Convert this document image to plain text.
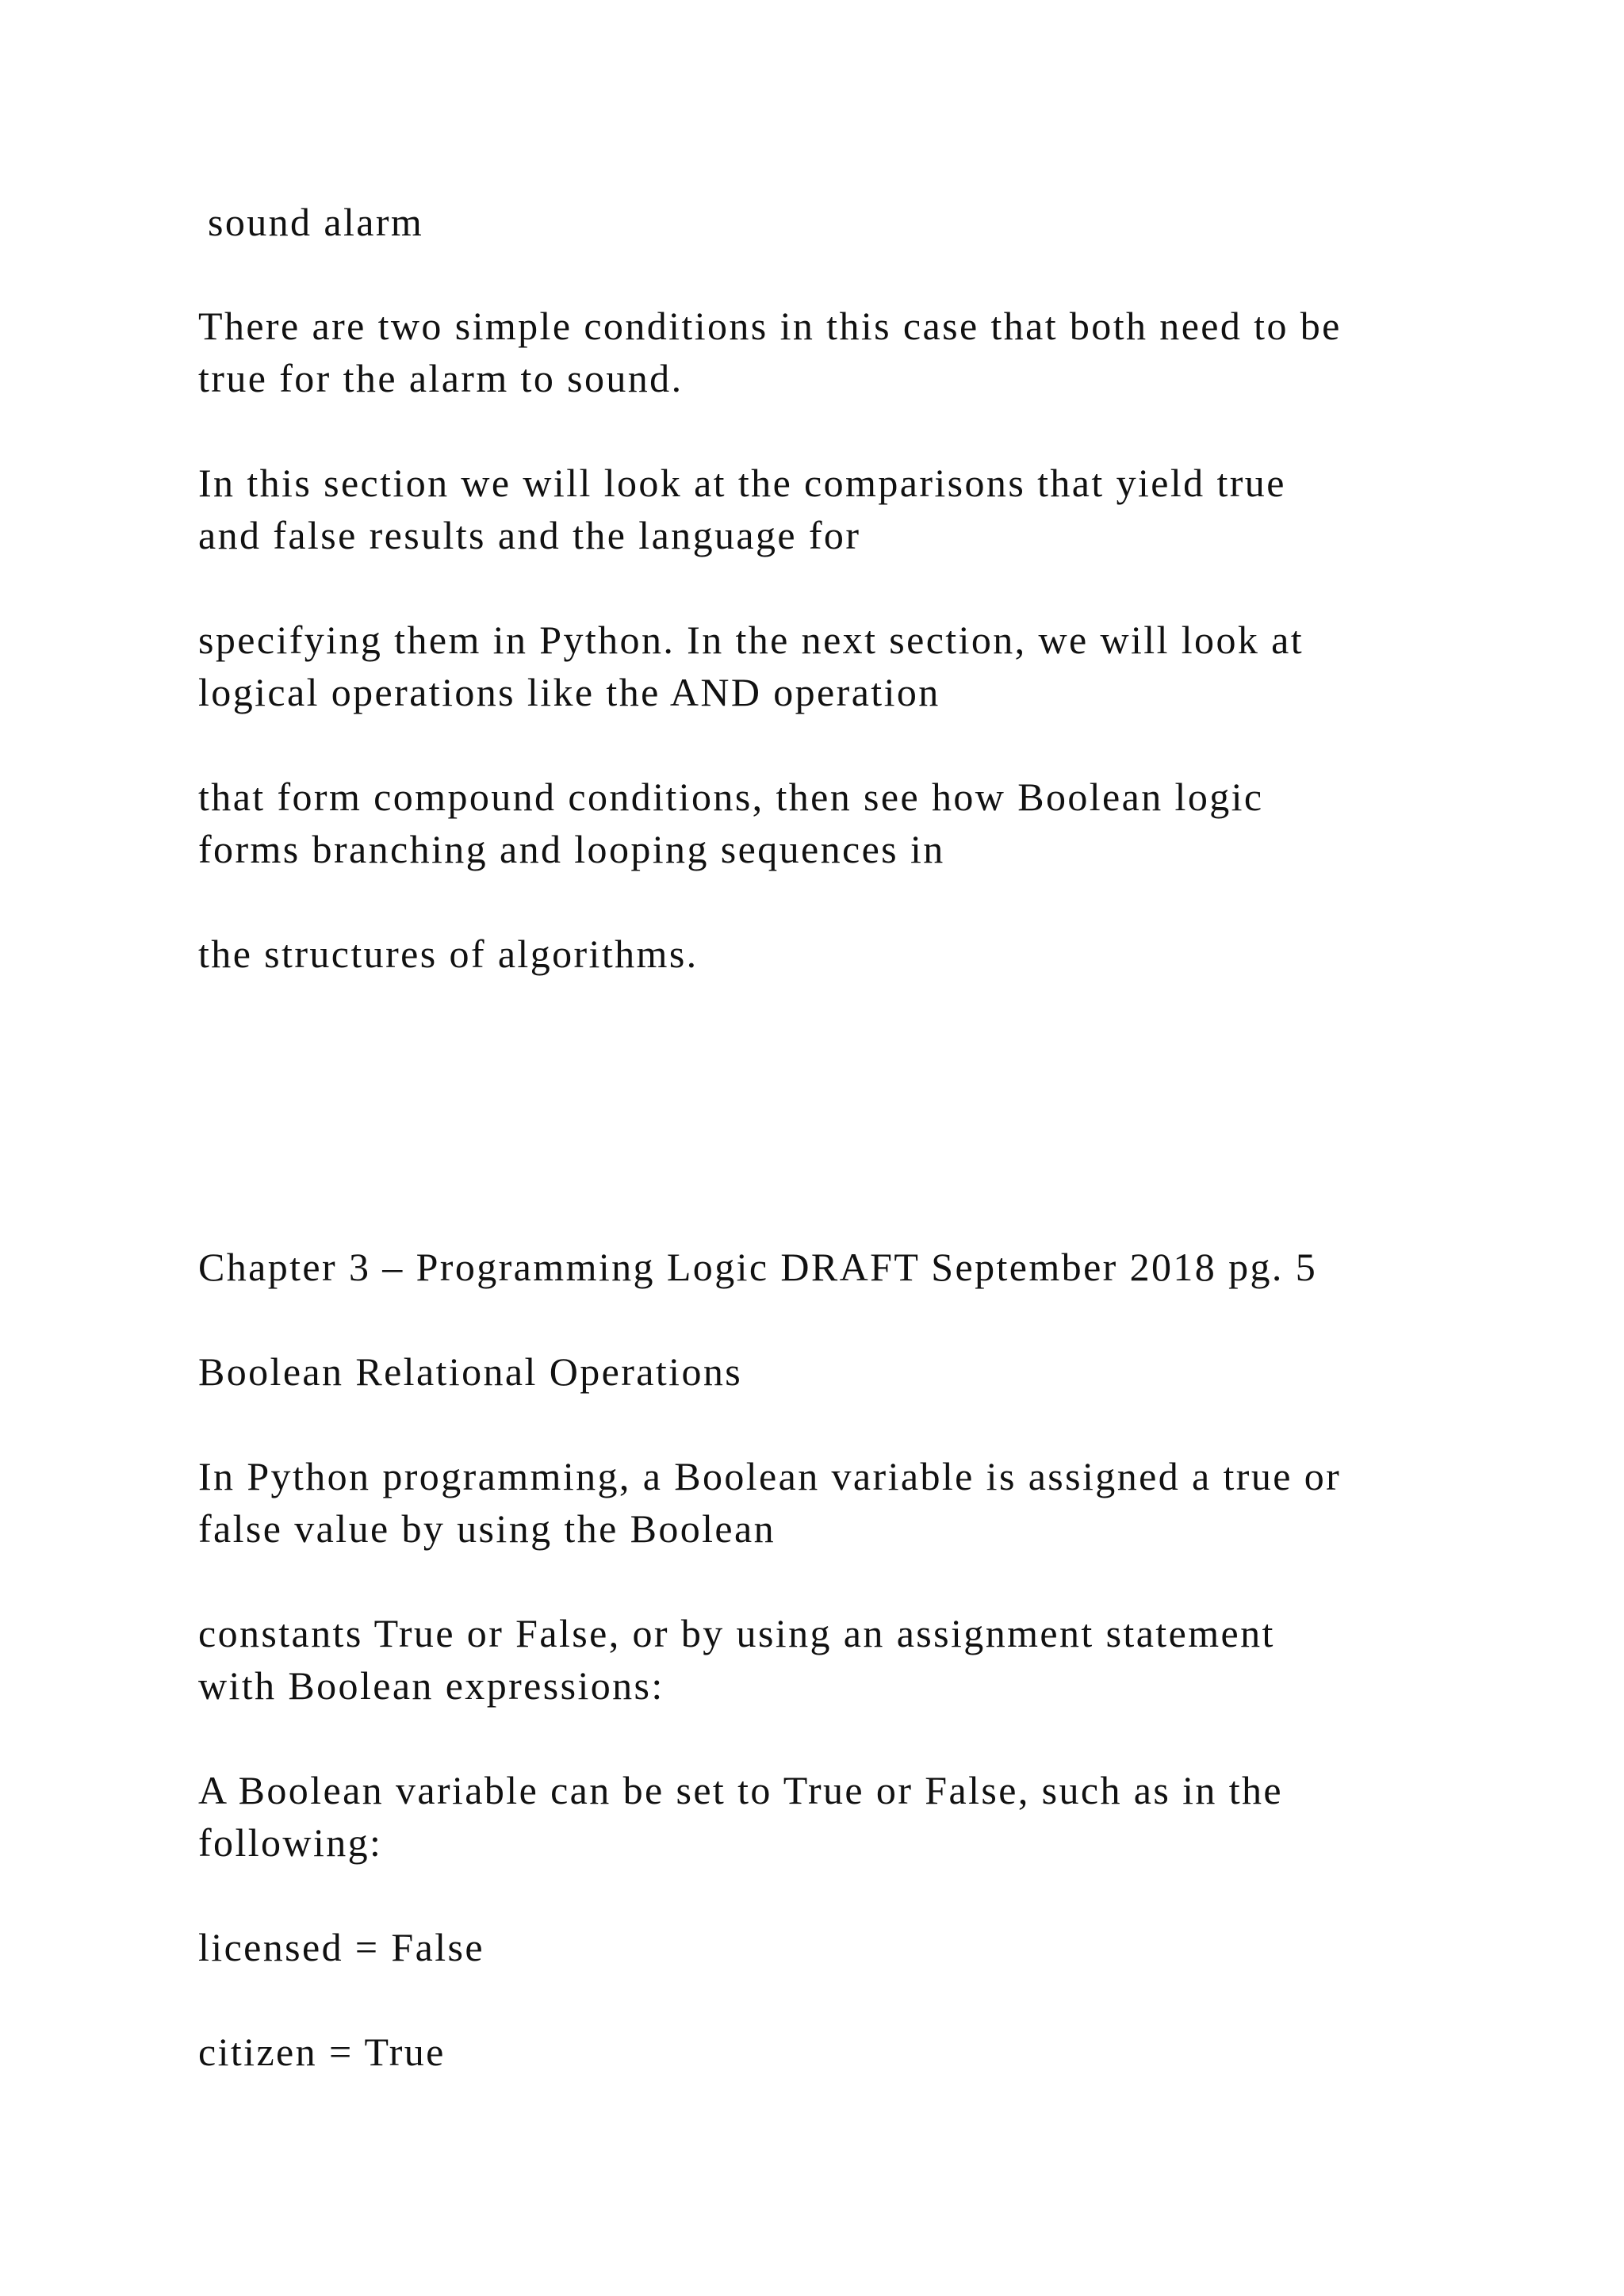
sound alarm

There are two simple conditions in this case that both need to be

true for the alarm to sound.

In this section we will look at the comparisons that yield true

and false results and the language for

specifying them in Python. In the next section, we will look at

logical operations like the AND operation

that form compound conditions, then see how Boolean logic

forms branching and looping sequences in

the structures of algorithms.

Chapter 3 – Programming Logic DRAFT September 2018 pg. 5

Boolean Relational Operations

In Python programming, a Boolean variable is assigned a true or

false value by using the Boolean

constants True or False, or by using an assignment statement

with Boolean expressions:

A Boolean variable can be set to True or False, such as in the

following:

licensed = False

citizen = True
